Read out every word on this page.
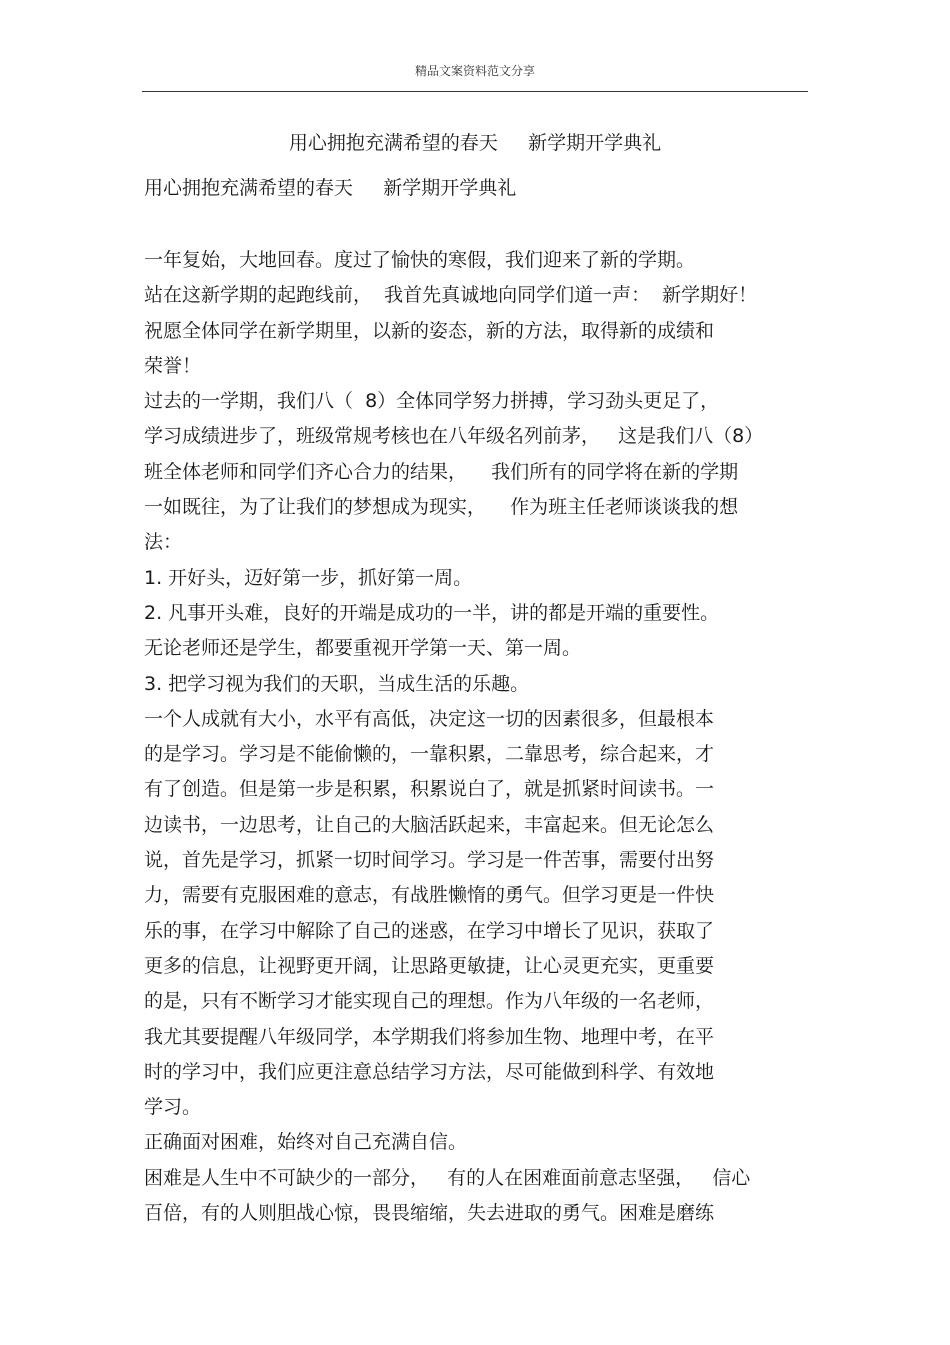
精品文案资料范文分享
用心拥抱充满希望的春天     新学期开学典礼
用心拥抱充满希望的春天     新学期开学典礼
一年复始，大地回春。度过了愉快的寒假，我们迎来了新的学期。
站在这新学期的起跑线前，  我首先真诚地向同学们道一声：  新学期好！
祝愿全体同学在新学期里，以新的姿态，新的方法，取得新的成绩和
荣誉！
过去的一学期，我们八（  8）全体同学努力拼搏，学习劲头更足了，
学习成绩进步了，班级常规考核也在八年级名列前茅，   这是我们八（8）
班全体老师和同学们齐心合力的结果，    我们所有的同学将在新的学期
一如既往，为了让我们的梦想成为现实，    作为班主任老师谈谈我的想
法：
1. 开好头，迈好第一步，抓好第一周。
2. 凡事开头难，良好的开端是成功的一半，讲的都是开端的重要性。
无论老师还是学生，都要重视开学第一天、第一周。
3. 把学习视为我们的天职，当成生活的乐趣。
一个人成就有大小，水平有高低，决定这一切的因素很多，但最根本
的是学习。学习是不能偷懒的，一靠积累，二靠思考，综合起来，才
有了创造。但是第一步是积累，积累说白了，就是抓紧时间读书。一
边读书，一边思考，让自己的大脑活跃起来，丰富起来。但无论怎么
说，首先是学习，抓紧一切时间学习。学习是一件苦事，需要付出努
力，需要有克服困难的意志，有战胜懒惰的勇气。但学习更是一件快
乐的事，在学习中解除了自己的迷惑，在学习中增长了见识，获取了
更多的信息，让视野更开阔，让思路更敏捷，让心灵更充实，更重要
的是，只有不断学习才能实现自己的理想。作为八年级的一名老师，
我尤其要提醒八年级同学，本学期我们将参加生物、地理中考，在平
时的学习中，我们应更注意总结学习方法，尽可能做到科学、有效地
学习。
正确面对困难，始终对自己充满自信。
困难是人生中不可缺少的一部分，   有的人在困难面前意志坚强，   信心
百倍，有的人则胆战心惊，畏畏缩缩，失去进取的勇气。困难是磨练
